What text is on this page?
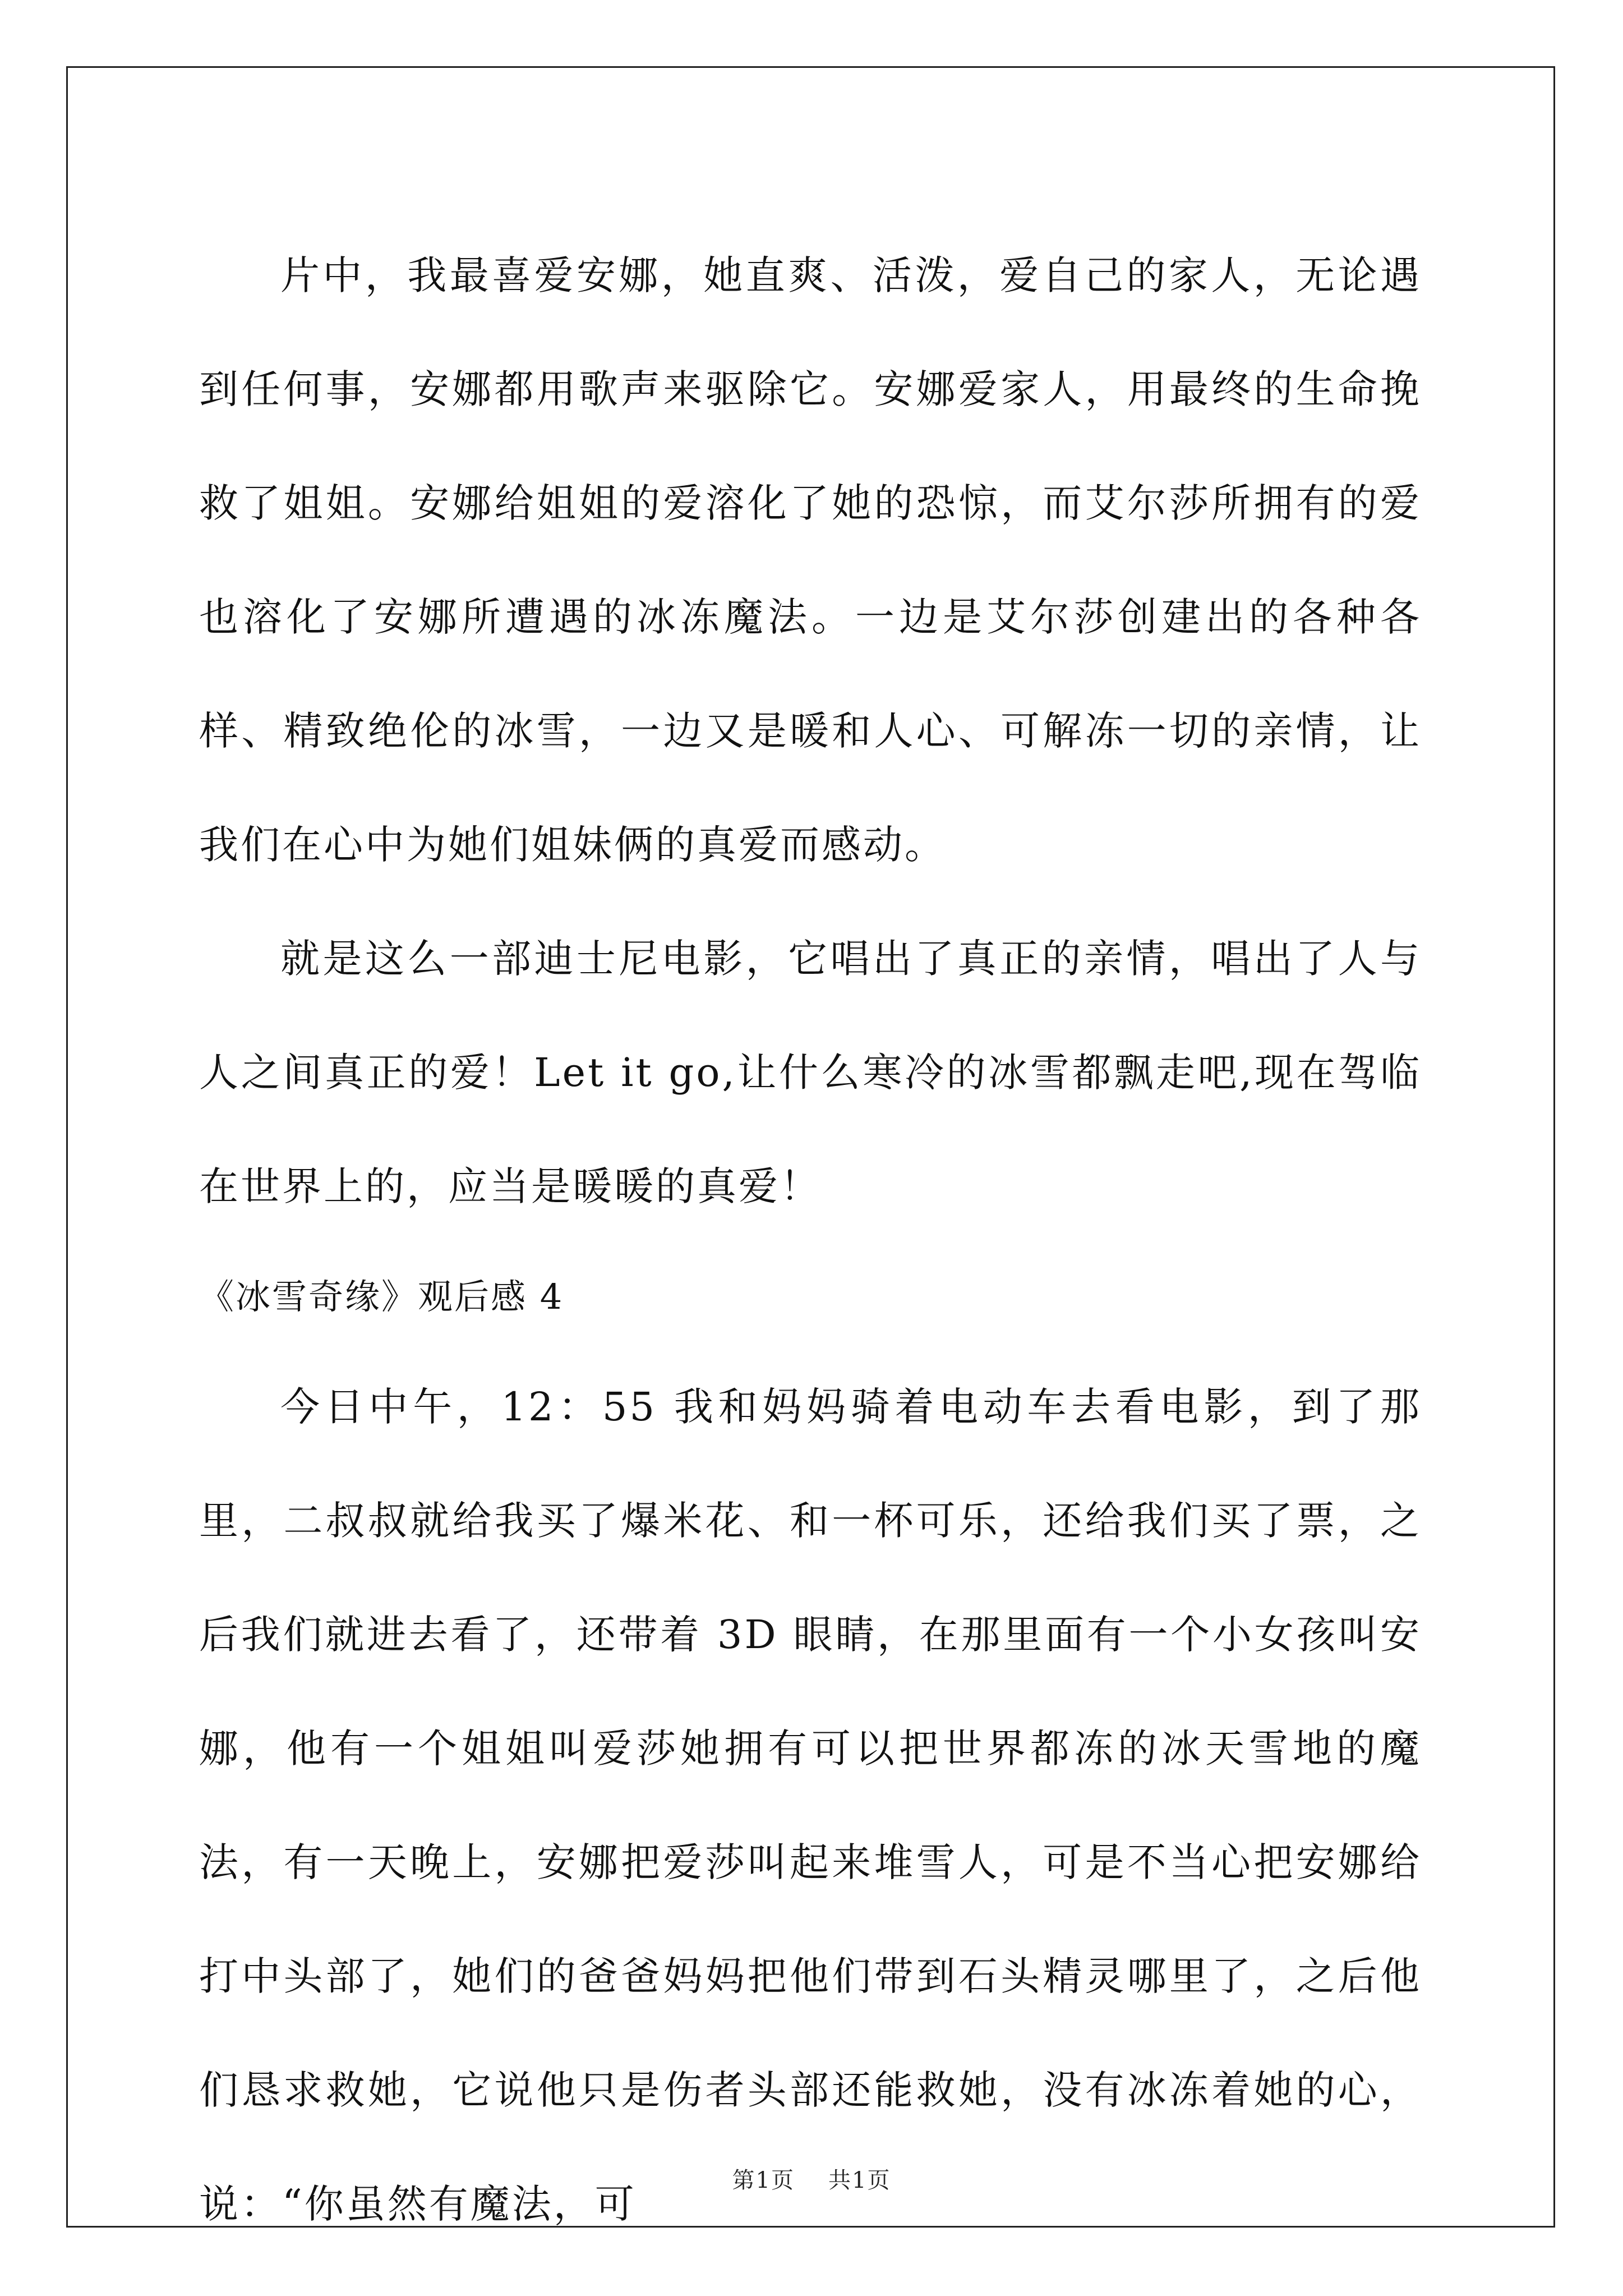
片中，我最喜爱安娜，她直爽、活泼，爱自己的家人，无论遇到任何事，安娜都用歌声来驱除它。安娜爱家人，用最终的生命挽救了姐姐。安娜给姐姐的爱溶化了她的恐惊，而艾尔莎所拥有的爱也溶化了安娜所遭遇的冰冻魔法。一边是艾尔莎创建出的各种各样、精致绝伦的冰雪，一边又是暖和人心、可解冻一切的亲情，让我们在心中为她们姐妹俩的真爱而感动。

就是这么一部迪士尼电影，它唱出了真正的亲情，唱出了人与人之间真正的爱！Let it go,让什么寒冷的冰雪都飘走吧,现在驾临 在世界上的，应当是暖暖的真爱！

《冰雪奇缘》观后感 4

今日中午，12：55 我和妈妈骑着电动车去看电影，到了那里，二叔叔就给我买了爆米花、和一杯可乐，还给我们买了票，之后我们就进去看了，还带着 3D 眼睛，在那里面有一个小女孩叫安娜，他有一个姐姐叫爱莎她拥有可以把世界都冻的冰天雪地的魔法，有一天晚上，安娜把爱莎叫起来堆雪人，可是不当心把安娜给打中头部了，她们的爸爸妈妈把他们带到石头精灵哪里了，之后他们恳求救她，它说他只是伤者头部还能救她，没有冰冻着她的心，说：“你虽然有魔法，可

第1页 共1页
